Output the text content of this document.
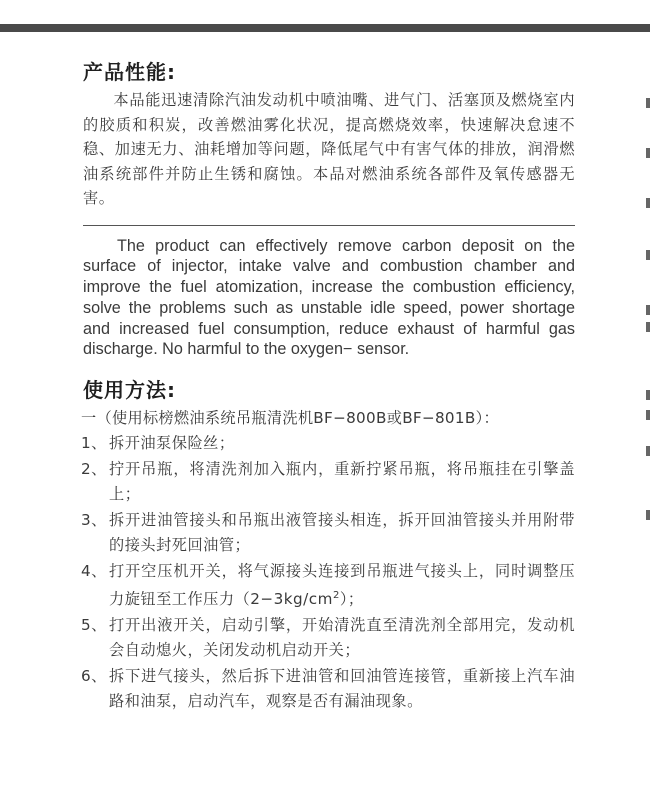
产品性能:

本品能迅速清除汽油发动机中喷油嘴、进气门、活塞顶及燃烧室内的胶质和积炭，改善燃油雾化状况，提高燃烧效率，快速解决怠速不稳、加速无力、油耗增加等问题，降低尾气中有害气体的排放，润滑燃油系统部件并防止生锈和腐蚀。本品对燃油系统各部件及氧传感器无害。

The product can effectively remove carbon deposit on the surface of injector, intake valve and combustion chamber and improve the fuel atomization, increase the combustion efficiency, solve the problems such as unstable idle speed, power shortage and increased fuel consumption, reduce exhaust of harmful gas discharge. No harmful to the oxygen− sensor.

使用方法:

一（使用标榜燃油系统吊瓶清洗机BF−800B或BF−801B）：

1、 拆开油泵保险丝；
2、 拧开吊瓶，将清洗剂加入瓶内，重新拧紧吊瓶，将吊瓶挂在引擎盖上；
3、 拆开进油管接头和吊瓶出液管接头相连，拆开回油管接头并用附带的接头封死回油管；
4、 打开空压机开关，将气源接头连接到吊瓶进气接头上，同时调整压力旋钮至工作压力$(2-3kg/cm^2)$；
5、 打开出液开关，启动引擎，开始清洗直至清洗剂全部用完，发动机会自动熄火，关闭发动机启动开关；
6、 拆下进气接头，然后拆下进油管和回油管连接管，重新接上汽车油路和油泵，启动汽车，观察是否有漏油现象。
